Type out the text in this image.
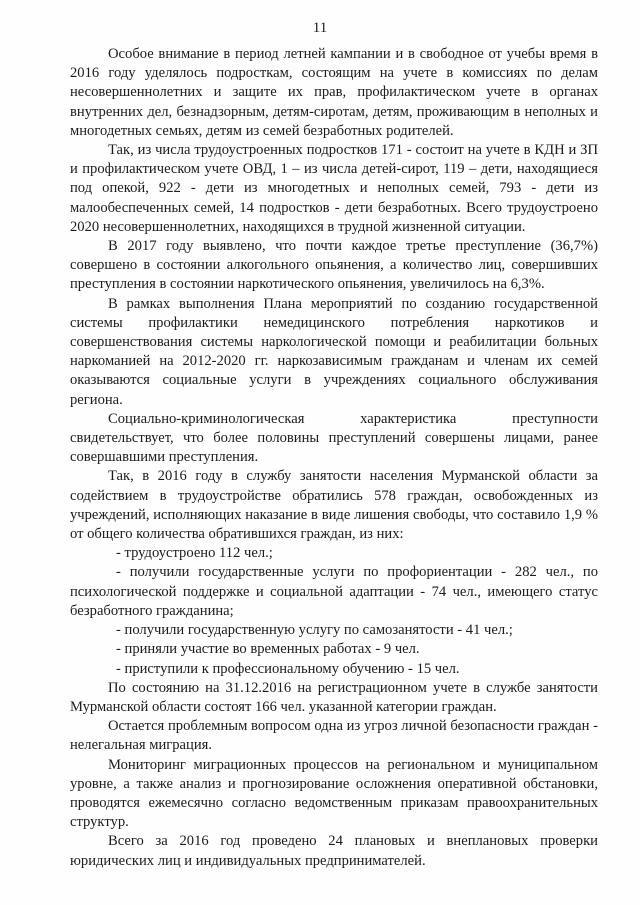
11

Особое внимание в период летней кампании и в свободное от учебы время в 2016 году уделялось подросткам, состоящим на учете в комиссиях по делам несовершеннолетних и защите их прав, профилактическом учете в органах внутренних дел, безнадзорным, детям-сиротам, детям, проживающим в неполных и многодетных семьях, детям из семей безработных родителей.

Так, из числа трудоустроенных подростков 171 - состоит на учете в КДН и ЗП и профилактическом учете ОВД, 1 – из числа детей-сирот, 119 – дети, находящиеся под опекой, 922 - дети из многодетных и неполных семей, 793 - дети из малообеспеченных семей, 14 подростков - дети безработных. Всего трудоустроено 2020 несовершеннолетних, находящихся в трудной жизненной ситуации.

В 2017 году выявлено, что почти каждое третье преступление (36,7%) совершено в состоянии алкогольного опьянения, а количество лиц, совершивших преступления в состоянии наркотического опьянения, увеличилось на 6,3%.

В рамках выполнения Плана мероприятий по созданию государственной системы профилактики немедицинского потребления наркотиков и совершенствования системы наркологической помощи и реабилитации больных наркоманией на 2012-2020 гг. наркозависимым гражданам и членам их семей оказываются социальные услуги в учреждениях социального обслуживания региона.

Социально-криминологическая характеристика преступности свидетельствует, что более половины преступлений совершены лицами, ранее совершавшими преступления.

Так, в 2016 году в службу занятости населения Мурманской области за содействием в трудоустройстве обратились 578 граждан, освобожденных из учреждений, исполняющих наказание в виде лишения свободы, что составило 1,9 % от общего количества обратившихся граждан, из них:

- трудоустроено 112 чел.;

- получили государственные услуги по профориентации - 282 чел., по психологической поддержке и социальной адаптации - 74 чел., имеющего статус безработного гражданина;

- получили государственную услугу по самозанятости - 41 чел.;

- приняли участие во временных работах - 9 чел.

- приступили к профессиональному обучению - 15 чел.

По состоянию на 31.12.2016 на регистрационном учете в службе занятости Мурманской области состоят 166 чел. указанной категории граждан.

Остается проблемным вопросом одна из угроз личной безопасности граждан - нелегальная миграция.

Мониторинг миграционных процессов на региональном и муниципальном уровне, а также анализ и прогнозирование осложнения оперативной обстановки, проводятся ежемесячно согласно ведомственным приказам правоохранительных структур.

Всего за 2016 год проведено 24 плановых и внеплановых проверки юридических лиц и индивидуальных предпринимателей.
